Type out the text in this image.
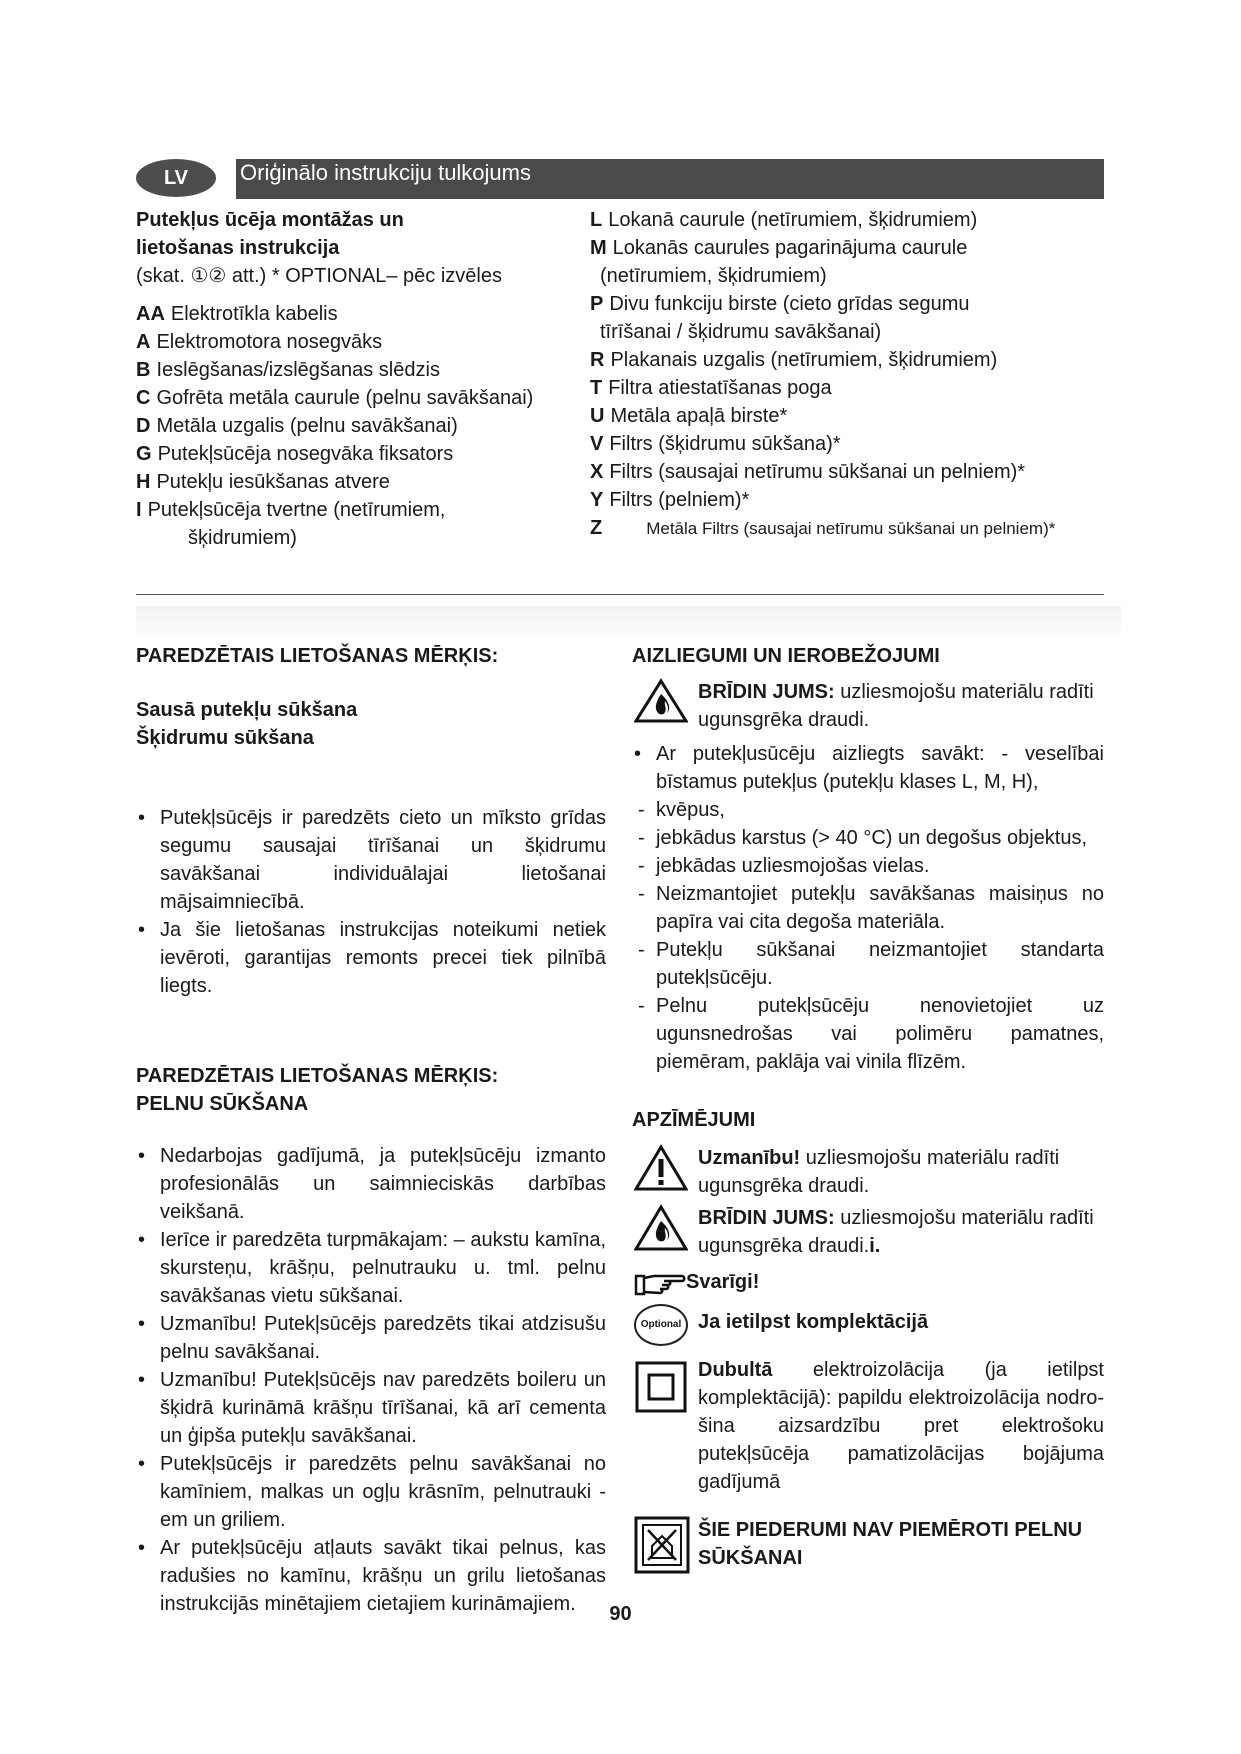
LV	Oriģinālo instrukciju tulkojums
Putekļus ūcēja montāžas un
lietošanas instrukcija
(skat. ①② att.) * OPTIONAL– pēc izvēles
AA Elektrotīkla kabelis
A Elektromotora nosegvāks
B Ieslēgšanas/izslēgšanas slēdzis
C Gofrēta metāla caurule (pelnu savākšanai)
D Metāla uzgalis (pelnu savākšanai)
G Putekļsūcēja nosegvāka fiksators
H Putekļu iesūkšanas atvere
I Putekļsūcēja tvertne (netīrumiem,
šķidrumiem)
L Lokanā caurule (netīrumiem, šķidrumiem)
M Lokanās caurules pagarinājuma caurule
(netīrumiem, šķidrumiem)
P Divu funkciju birste (cieto grīdas segumu
tīrīšanai / šķidrumu savākšanai)
R Plakanais uzgalis (netīrumiem, šķidrumiem)
T Filtra atiestatīšanas poga
U Metāla apaļā birste*
V Filtrs (šķidrumu sūkšana)*
X Filtrs (sausajai netīrumu sūkšanai un pelniem)*
Y Filtrs (pelniem)*
Z	Metāla Filtrs (sausajai netīrumu sūkšanai un pelniem)*
PAREDZĒTAIS LIETOŠANAS MĒRĶIS:
Sausā putekļu sūkšana
Šķidrumu sūkšana
• Putekļsūcējs ir paredzēts cieto un mīksto grīdas segumu sausajai tīrīšanai un šķidrumu savākšanai individuālajai lietošanai mājsaimniecībā.
• Ja šie lietošanas instrukcijas noteikumi netiek ievēroti, garantijas remonts precei tiek pilnībā liegts.
PAREDZĒTAIS LIETOŠANAS MĒRĶIS:
PELNU SŪKŠANA
• Nedarbojas gadījumā, ja putekļsūcēju izmanto profesionālās un saimnieciskās darbības veikšanā.
• Ierīce ir paredzēta turpmākajam: – aukstu kamīna, skursteņu, krāšņu, pelnutrauku u. tml. pelnu savākšanas vietu sūkšanai.
• Uzmanību! Putekļsūcējs paredzēts tikai atdzisušu pelnu savākšanai.
• Uzmanību! Putekļsūcējs nav paredzēts boileru un šķidrā kurināmā krāšņu tīrīšanai, kā arī cementa un ģipša putekļu savākšanai.
• Putekļsūcējs ir paredzēts pelnu savākšanai no kamīniem, malkas un ogļu krāsnīm, pelnutrauki - em un griliem.
• Ar putekļsūcēju atļauts savākt tikai pelnus, kas radušies no kamīnu, krāšņu un grilu lietošanas instrukcijās minētajiem cietajiem kurināmajiem.
AIZLIEGUMI UN IEROBEŽOJUMI
BRĪDIN JUMS: uzliesmojošu materiālu radīti ugunsgrēka draudi.
• Ar putekļusūcēju aizliegts savākt: - veselībai bīstamus putekļus (putekļu klases L, M, H),
- kvēpus,
- jebkādus karstus (> 40 °C) un degošus objektus,
- jebkādas uzliesmojošas vielas.
- Neizmantojiet putekļu savākšanas maisiņus no papīra vai cita degoša materiāla.
- Putekļu sūkšanai neizmantojiet standarta putekļsūcēju.
- Pelnu putekļsūcēju nenovietojiet uz ugunsnedrošas vai polimēru pamatnes, piemēram, paklāja vai vinila flīzēm.
APZĪMĒJUMI
Uzmanību! uzliesmojošu materiālu radīti ugunsgrēka draudi.
BRĪDIN JUMS: uzliesmojošu materiālu radīti ugunsgrēka draudi.i.
Svarīgi!
Optional Ja ietilpst komplektācijā
Dubultā elektroizolācija (ja ietilpst komplektācijā): papildu elektroizolācija nodro- šina aizsardzību pret elektrošoku putekļsūcēja pamatizolācijas bojājuma gadījumā
ŠIE PIEDERUMI NAV PIEMĒROTI PELNU SŪKŠANAI
90
